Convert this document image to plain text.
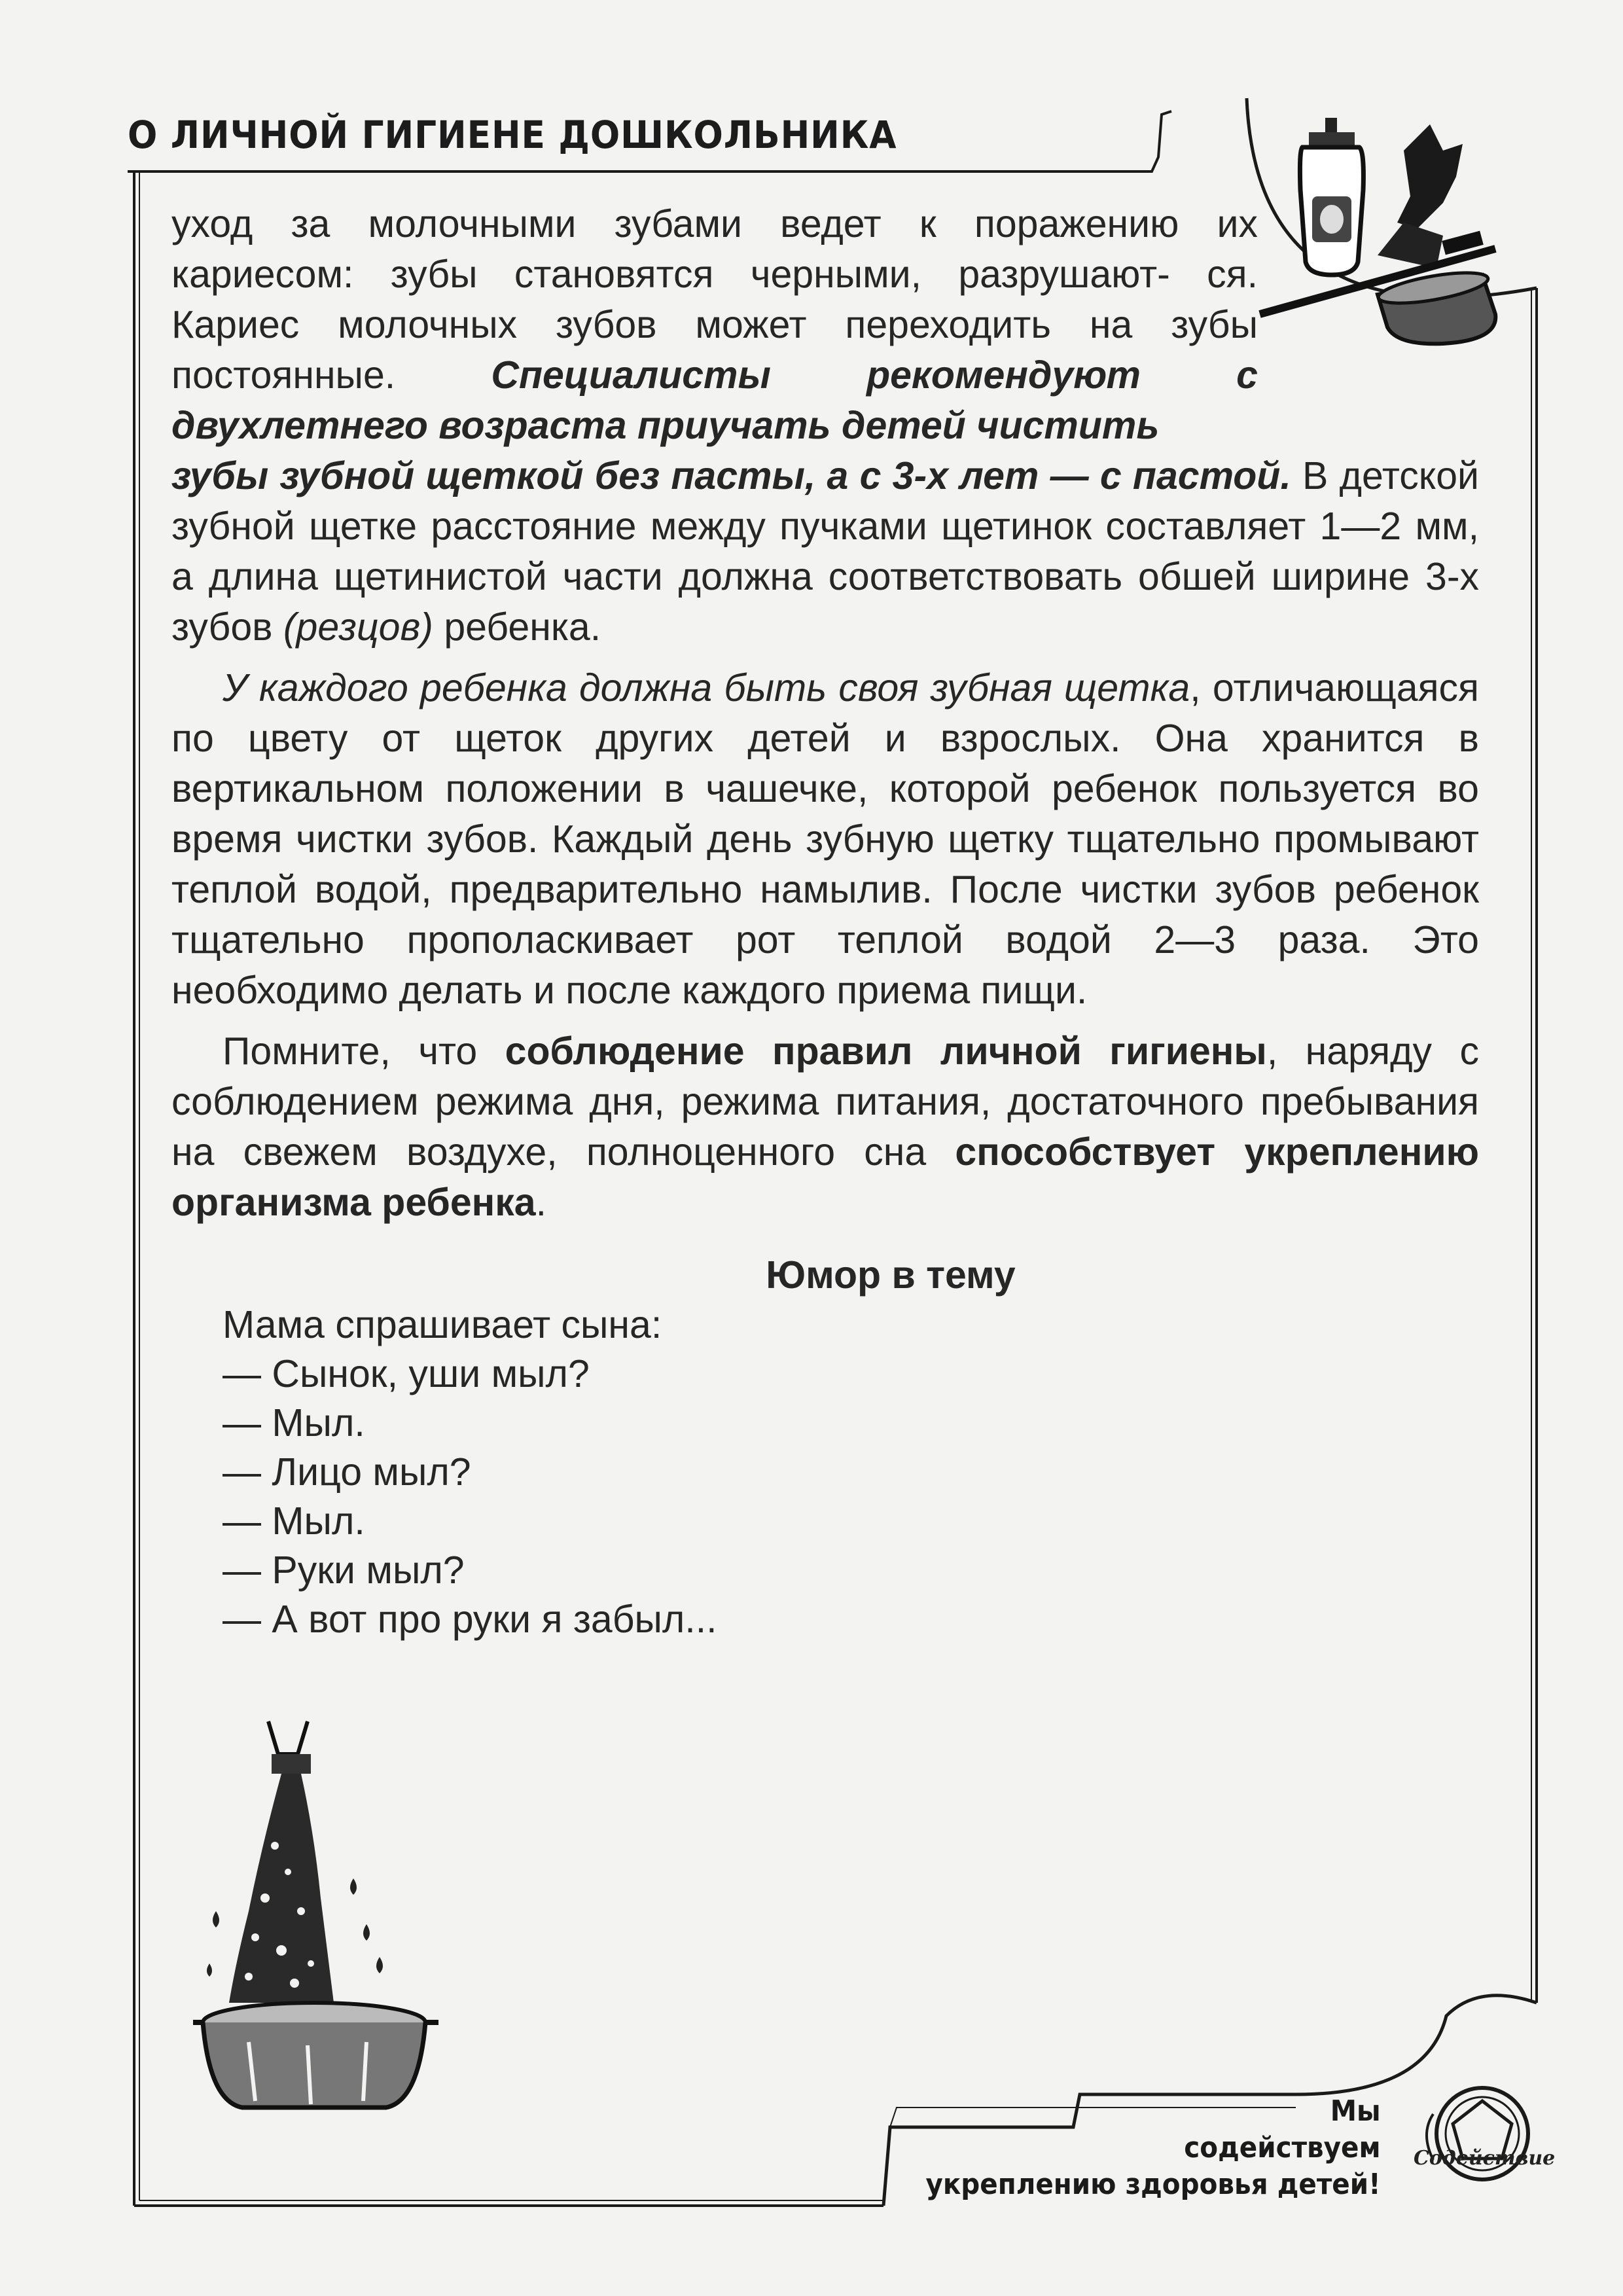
О ЛИЧНОЙ ГИГИЕНЕ ДОШКОЛЬНИКА

уход за молочными зубами ведет к поражению их кариесом: зубы становятся черными, разрушают- ся. Кариес молочных зубов может переходить на зубы постоянные. Специалисты рекомендуют с двухлетнего возраста приучать детей чистить

зубы зубной щеткой без пасты, а с 3-х лет — с пастой. В детской зубной щетке расстояние между пучками щетинок составляет 1—2 мм, а длина щетинистой части должна соответствовать обшей ширине 3-х зубов (резцов) ребенка.

У каждого ребенка должна быть своя зубная щетка, отличающаяся по цвету от щеток других детей и взрослых. Она хранится в вертикальном положении в чашечке, которой ребенок пользуется во время чистки зубов. Каждый день зубную щетку тщательно промывают теплой водой, предварительно намылив. После чистки зубов ребенок тщательно прополаскивает рот теплой водой 2—3 раза. Это необходимо делать и после каждого приема пищи.

Помните, что соблюдение правил личной гигиены, наряду с соблюдением режима дня, режима питания, достаточного пребывания на свежем воздухе, полноценного сна способствует укреплению организма ребенка.

Юмор в тему

Мама спрашивает сына:
— Сынок, уши мыл?
— Мыл.
— Лицо мыл?
— Мыл.
— Руки мыл?
— А вот про руки я забыл...
Мы
содействуем
укреплению здоровья детей!
Содействие
